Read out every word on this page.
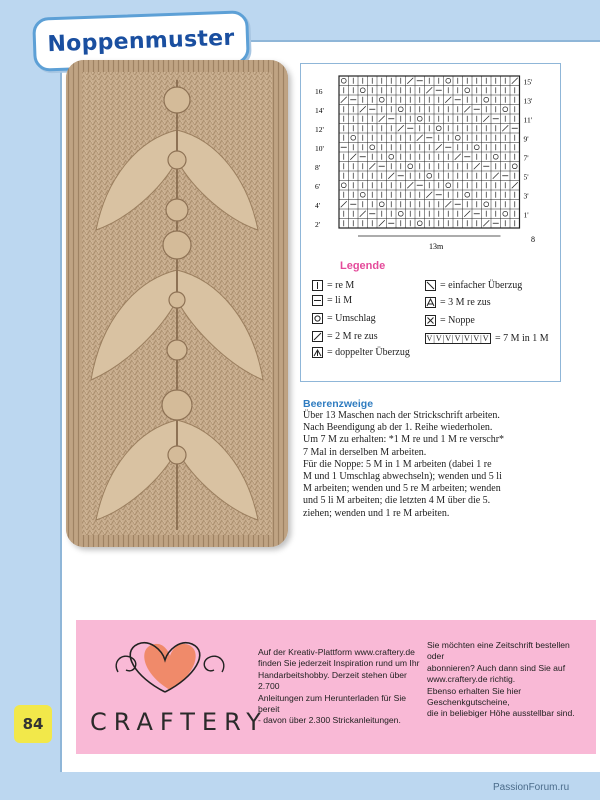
Noppenmuster
15'
13'
11'
9'
7'
5'
3'
1'
16
14'
12'
10'
8'
6'
4'
2'
13m
8
Legende
= re M
= li M
= Umschlag
= 2 M re zus
= doppelter Überzug
= einfacher Überzug
= 3 M re zus
= Noppe
V|V|V|V|V|V|V = 7 M in 1 M
Beerenzweige

Über 13 Maschen nach der Strickschrift arbeiten.

Nach Beendigung ab der 1. Reihe wiederholen.

Um 7 M zu erhalten: *1 M re und 1 M re verschr*

7 Mal in derselben M arbeiten.

Für die Noppe: 5 M in 1 M arbeiten (dabei 1 re

M und 1 Umschlag abwechseln); wenden und 5 li

M arbeiten; wenden und 5 re M arbeiten; wenden

und 5 li M arbeiten; die letzten 4 M über die 5.

ziehen; wenden und 1 re M arbeiten.

CRAFTERY
Auf der Kreativ-Plattform www.craftery.de
finden Sie jederzeit Inspiration rund um Ihr
Handarbeitshobby. Derzeit stehen über 2.700
Anleitungen zum Herunterladen für Sie bereit
- davon über 2.300 Strickanleitungen.
Sie möchten eine Zeitschrift bestellen oder
abonnieren? Auch dann sind Sie auf
www.craftery.de richtig.
Ebenso erhalten Sie hier Geschenkgutscheine,
die in beliebiger Höhe ausstellbar sind.
84
PassionForum.ru
